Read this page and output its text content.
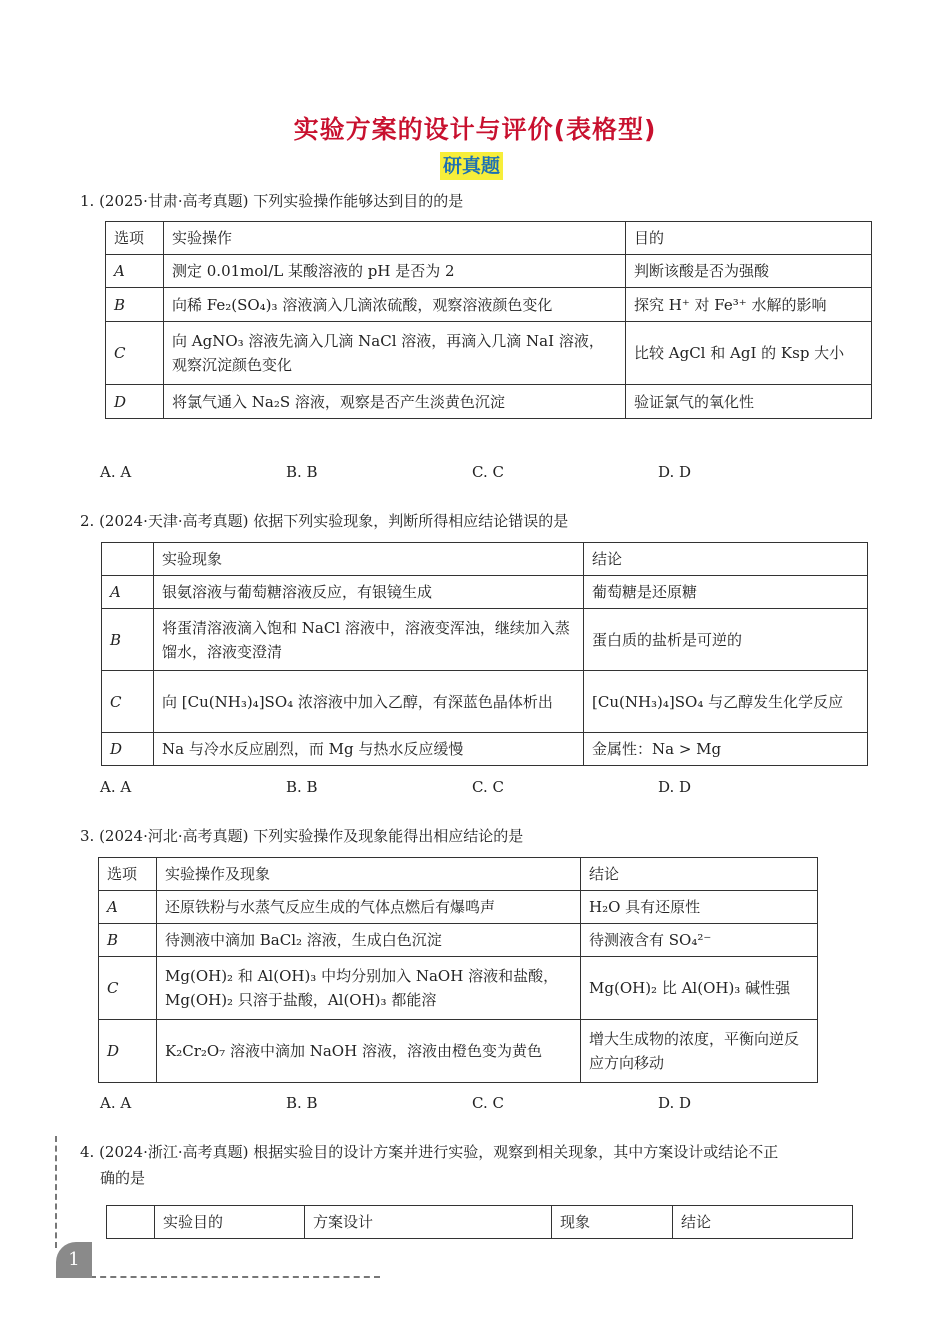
实验方案的设计与评价(表格型)
研真题
1. (2025·甘肃·高考真题) 下列实验操作能够达到目的的是
选项	实验操作	目的
A	测定 0.01mol/L 某酸溶液的 pH 是否为 2	判断该酸是否为强酸
B	向稀 Fe₂(SO₄)₃ 溶液滴入几滴浓硫酸，观察溶液颜色变化	探究 H⁺ 对 Fe³⁺ 水解的影响
C	向 AgNO₃ 溶液先滴入几滴 NaCl 溶液，再滴入几滴 NaI 溶液，观察沉淀颜色变化	比较 AgCl 和 AgI 的 Ksp 大小
D	将氯气通入 Na₂S 溶液，观察是否产生淡黄色沉淀	验证氯气的氧化性
A. A	B. B	C. C	D. D
2. (2024·天津·高考真题) 依据下列实验现象，判断所得相应结论错误的是
	实验现象	结论
A	银氨溶液与葡萄糖溶液反应，有银镜生成	葡萄糖是还原糖
B	将蛋清溶液滴入饱和 NaCl 溶液中，溶液变浑浊，继续加入蒸馏水，溶液变澄清	蛋白质的盐析是可逆的
C	向 [Cu(NH₃)₄]SO₄ 浓溶液中加入乙醇，有深蓝色晶体析出	[Cu(NH₃)₄]SO₄ 与乙醇发生化学反应
D	Na 与冷水反应剧烈，而 Mg 与热水反应缓慢	金属性：Na > Mg
A. A	B. B	C. C	D. D
3. (2024·河北·高考真题) 下列实验操作及现象能得出相应结论的是
选项	实验操作及现象	结论
A	还原铁粉与水蒸气反应生成的气体点燃后有爆鸣声	H₂O 具有还原性
B	待测液中滴加 BaCl₂ 溶液，生成白色沉淀	待测液含有 SO₄²⁻
C	Mg(OH)₂ 和 Al(OH)₃ 中均分别加入 NaOH 溶液和盐酸，Mg(OH)₂ 只溶于盐酸，Al(OH)₃ 都能溶	Mg(OH)₂ 比 Al(OH)₃ 碱性强
D	K₂Cr₂O₇ 溶液中滴加 NaOH 溶液，溶液由橙色变为黄色	增大生成物的浓度，平衡向逆反应方向移动
A. A	B. B	C. C	D. D
4. (2024·浙江·高考真题) 根据实验目的设计方案并进行实验，观察到相关现象，其中方案设计或结论不正
确的是
	实验目的	方案设计	现象	结论
1
